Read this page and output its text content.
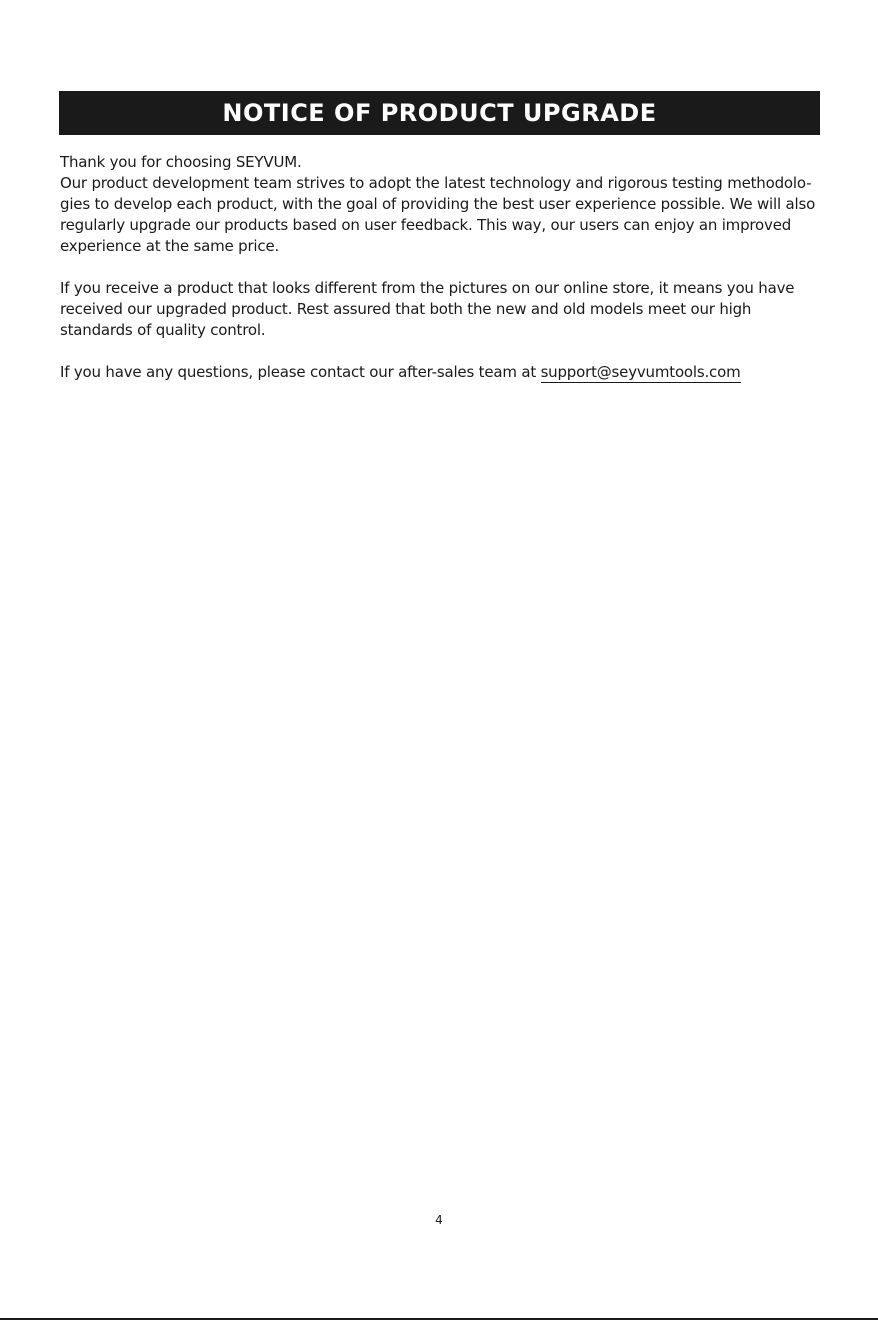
NOTICE OF PRODUCT UPGRADE

Thank you for choosing SEYVUM.

Our product development team strives to adopt the latest technology and rigorous testing methodolo-
gies to develop each product, with the goal of providing the best user experience possible. We will also
regularly upgrade our products based on user feedback. This way, our users can enjoy an improved
experience at the same price.

If you receive a product that looks different from the pictures on our online store, it means you have
received our upgraded product. Rest assured that both the new and old models meet our high
standards of quality control.

If you have any questions, please contact our after-sales team at support@seyvumtools.com

4
